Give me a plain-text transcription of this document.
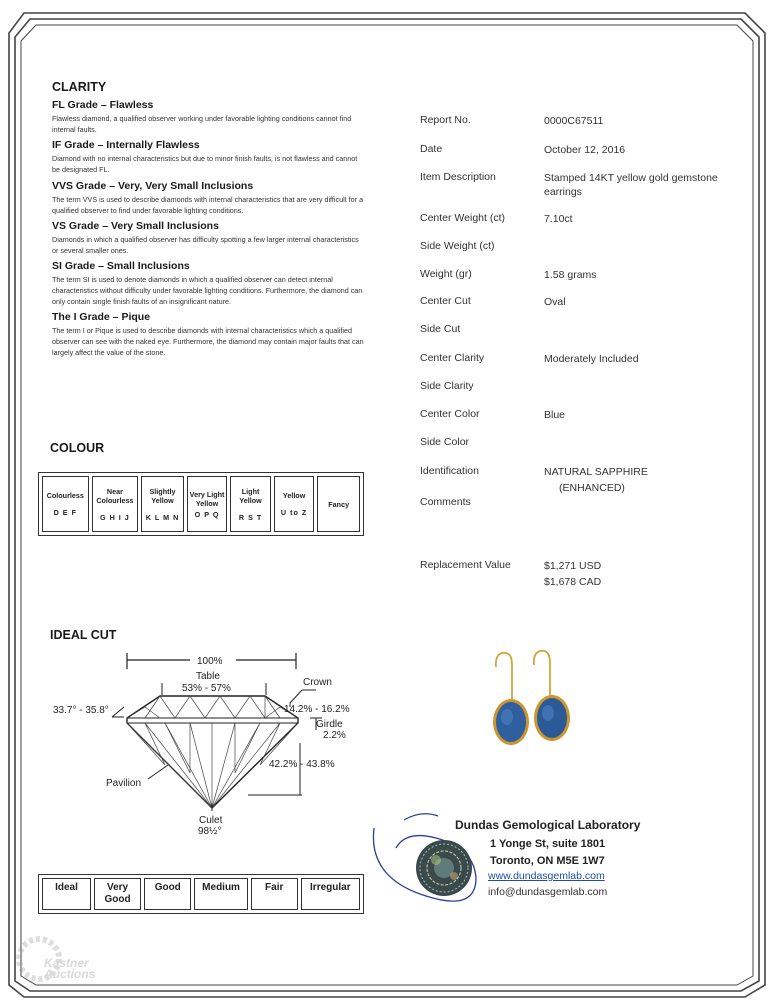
CLARITY
FL Grade – Flawless
Flawless diamond, a qualified observer working under favorable lighting conditions cannot find internal faults.
IF Grade – Internally Flawless
Diamond with no internal characteristics but due to minor finish faults, is not flawless and cannot be designated FL.
VVS Grade – Very, Very Small Inclusions
The term VVS is used to describe diamonds with internal characteristics that are very difficult for a qualified observer to find under favorable lighting conditions.
VS Grade – Very Small Inclusions
Diamonds in which a qualified observer has difficulty spotting a few larger internal characteristics or several smaller ones.
SI Grade – Small Inclusions
The term SI is used to denote diamonds in which a qualified observer can detect internal characteristics without difficulty under favorable lighting conditions. Furthermore, the diamond can only contain single finish faults of an insignificant nature.
The I Grade – Pique
The term I or Pique is used to describe diamonds with internal characteristics which a qualified observer can see with the naked eye. Furthermore, the diamond may contain major faults that can largely affect the value of the stone.
COLOUR
Colourless
D E F

Near Colourless
G H I J

Slightly Yellow
K L M N

Very Light Yellow
O P Q

Light Yellow
R S T

Yellow
U to Z

Fancy
IDEAL CUT
100%
Table
53% - 57%
Crown
33.7° - 35.8°	14.2% - 16.2%
Girdle
2.2%
42.2% - 43.8%
Pavilion
Culet
98½°
Ideal	Very Good	Good	Medium	Fair	Irregular
Report No.	0000C67511
Date	October 12, 2016
Item Description	Stamped 14KT yellow gold gemstone earrings
Center Weight (ct)	7.10ct
Side Weight (ct)
Weight (gr)	1.58 grams
Center Cut	Oval
Side Cut
Center Clarity	Moderately Included
Side Clarity
Center Color	Blue
Side Color
Identification	NATURAL SAPPHIRE
(ENHANCED)
Comments
Replacement Value	$1,271 USD
$1,678 CAD
Dundas Gemological Laboratory
1 Yonge St, suite 1801
Toronto, ON M5E 1W7
www.dundasgemlab.com
info@dundasgemlab.com
Kastner
Auctions
